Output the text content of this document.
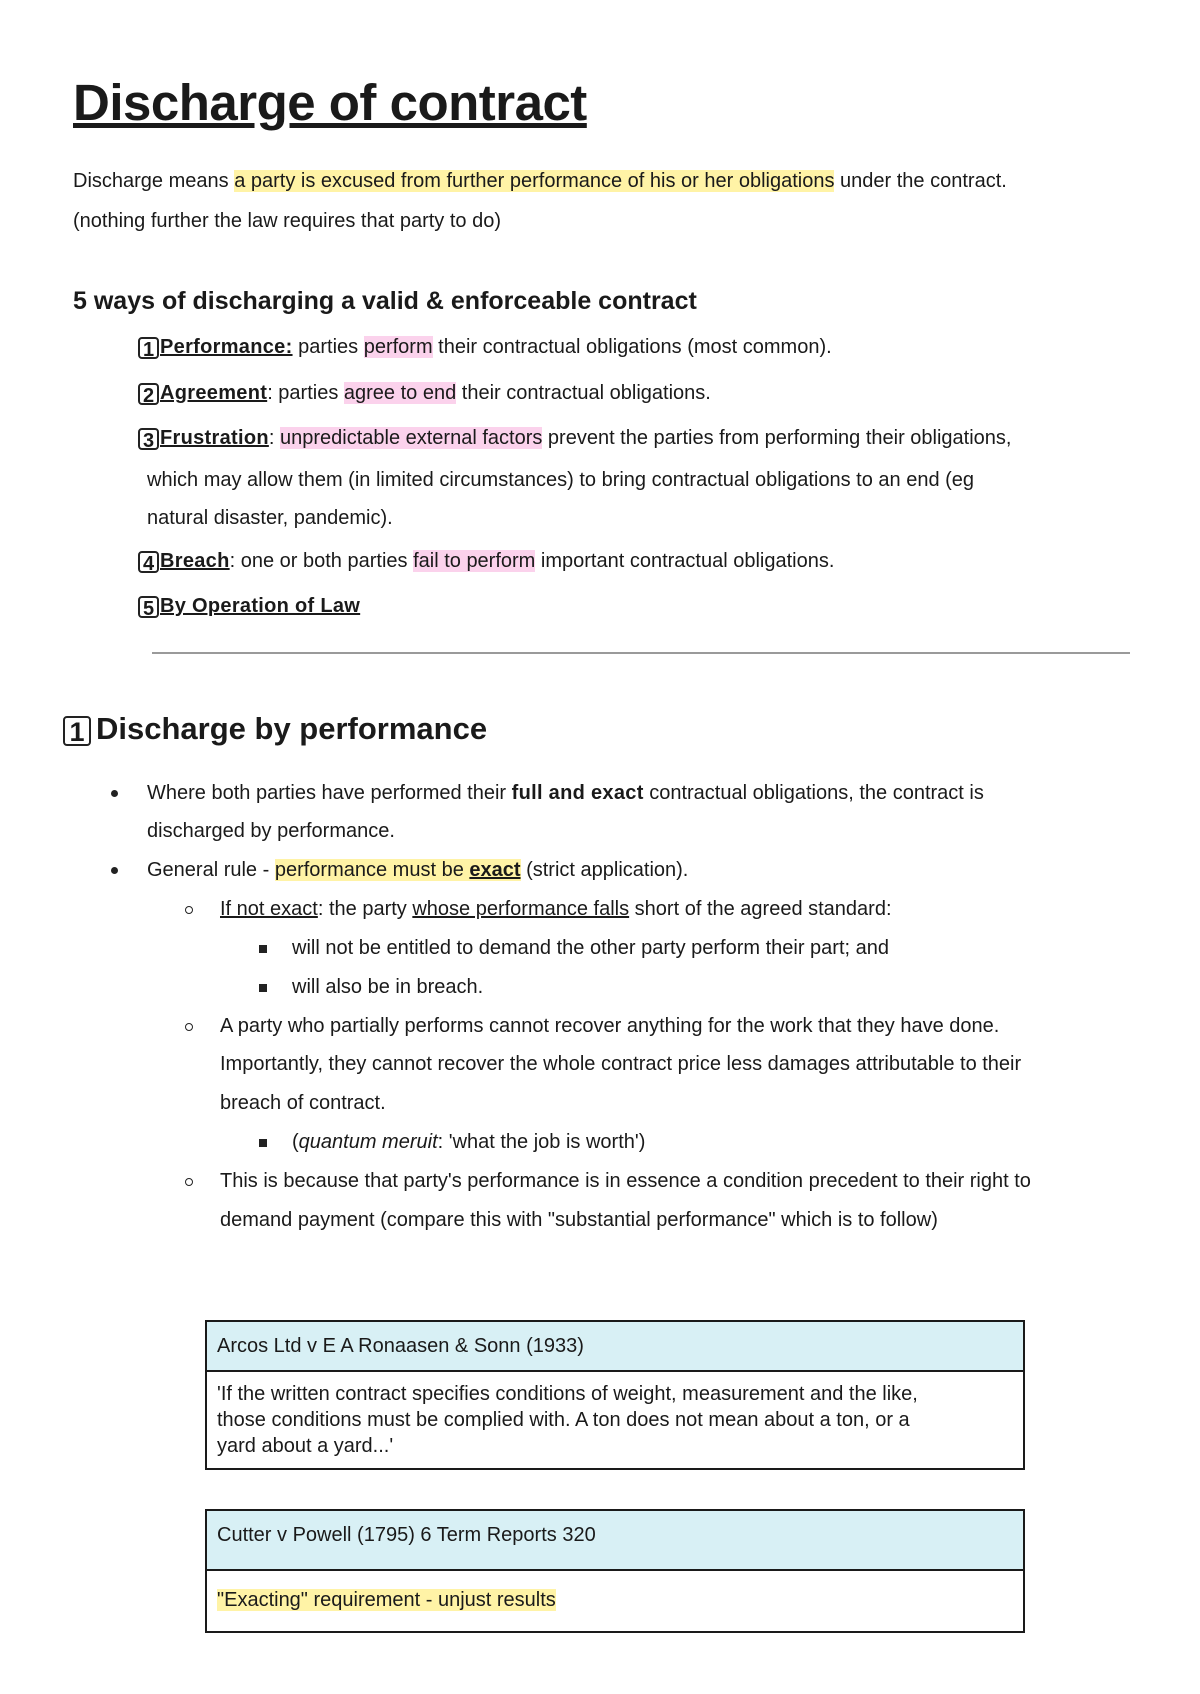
Discharge of contract
Discharge means a party is excused from further performance of his or her obligations under the contract.
(nothing further the law requires that party to do)
5 ways of discharging a valid & enforceable contract
1 Performance: parties perform their contractual obligations (most common).
2 Agreement: parties agree to end their contractual obligations.
3 Frustration: unpredictable external factors prevent the parties from performing their obligations,
which may allow them (in limited circumstances) to bring contractual obligations to an end (eg
natural disaster, pandemic).
4 Breach: one or both parties fail to perform important contractual obligations.
5 By Operation of Law
1 Discharge by performance
Where both parties have performed their full and exact contractual obligations, the contract is
discharged by performance.
General rule - performance must be exact (strict application).
If not exact: the party whose performance falls short of the agreed standard:
will not be entitled to demand the other party perform their part; and
will also be in breach.
A party who partially performs cannot recover anything for the work that they have done.
Importantly, they cannot recover the whole contract price less damages attributable to their
breach of contract.
(quantum meruit: 'what the job is worth')
This is because that party's performance is in essence a condition precedent to their right to
demand payment (compare this with "substantial performance" which is to follow)
Arcos Ltd v E A Ronaasen & Sonn (1933)
'If the written contract specifies conditions of weight, measurement and the like,
those conditions must be complied with. A ton does not mean about a ton, or a
yard about a yard...'
Cutter v Powell (1795) 6 Term Reports 320
"Exacting" requirement - unjust results
